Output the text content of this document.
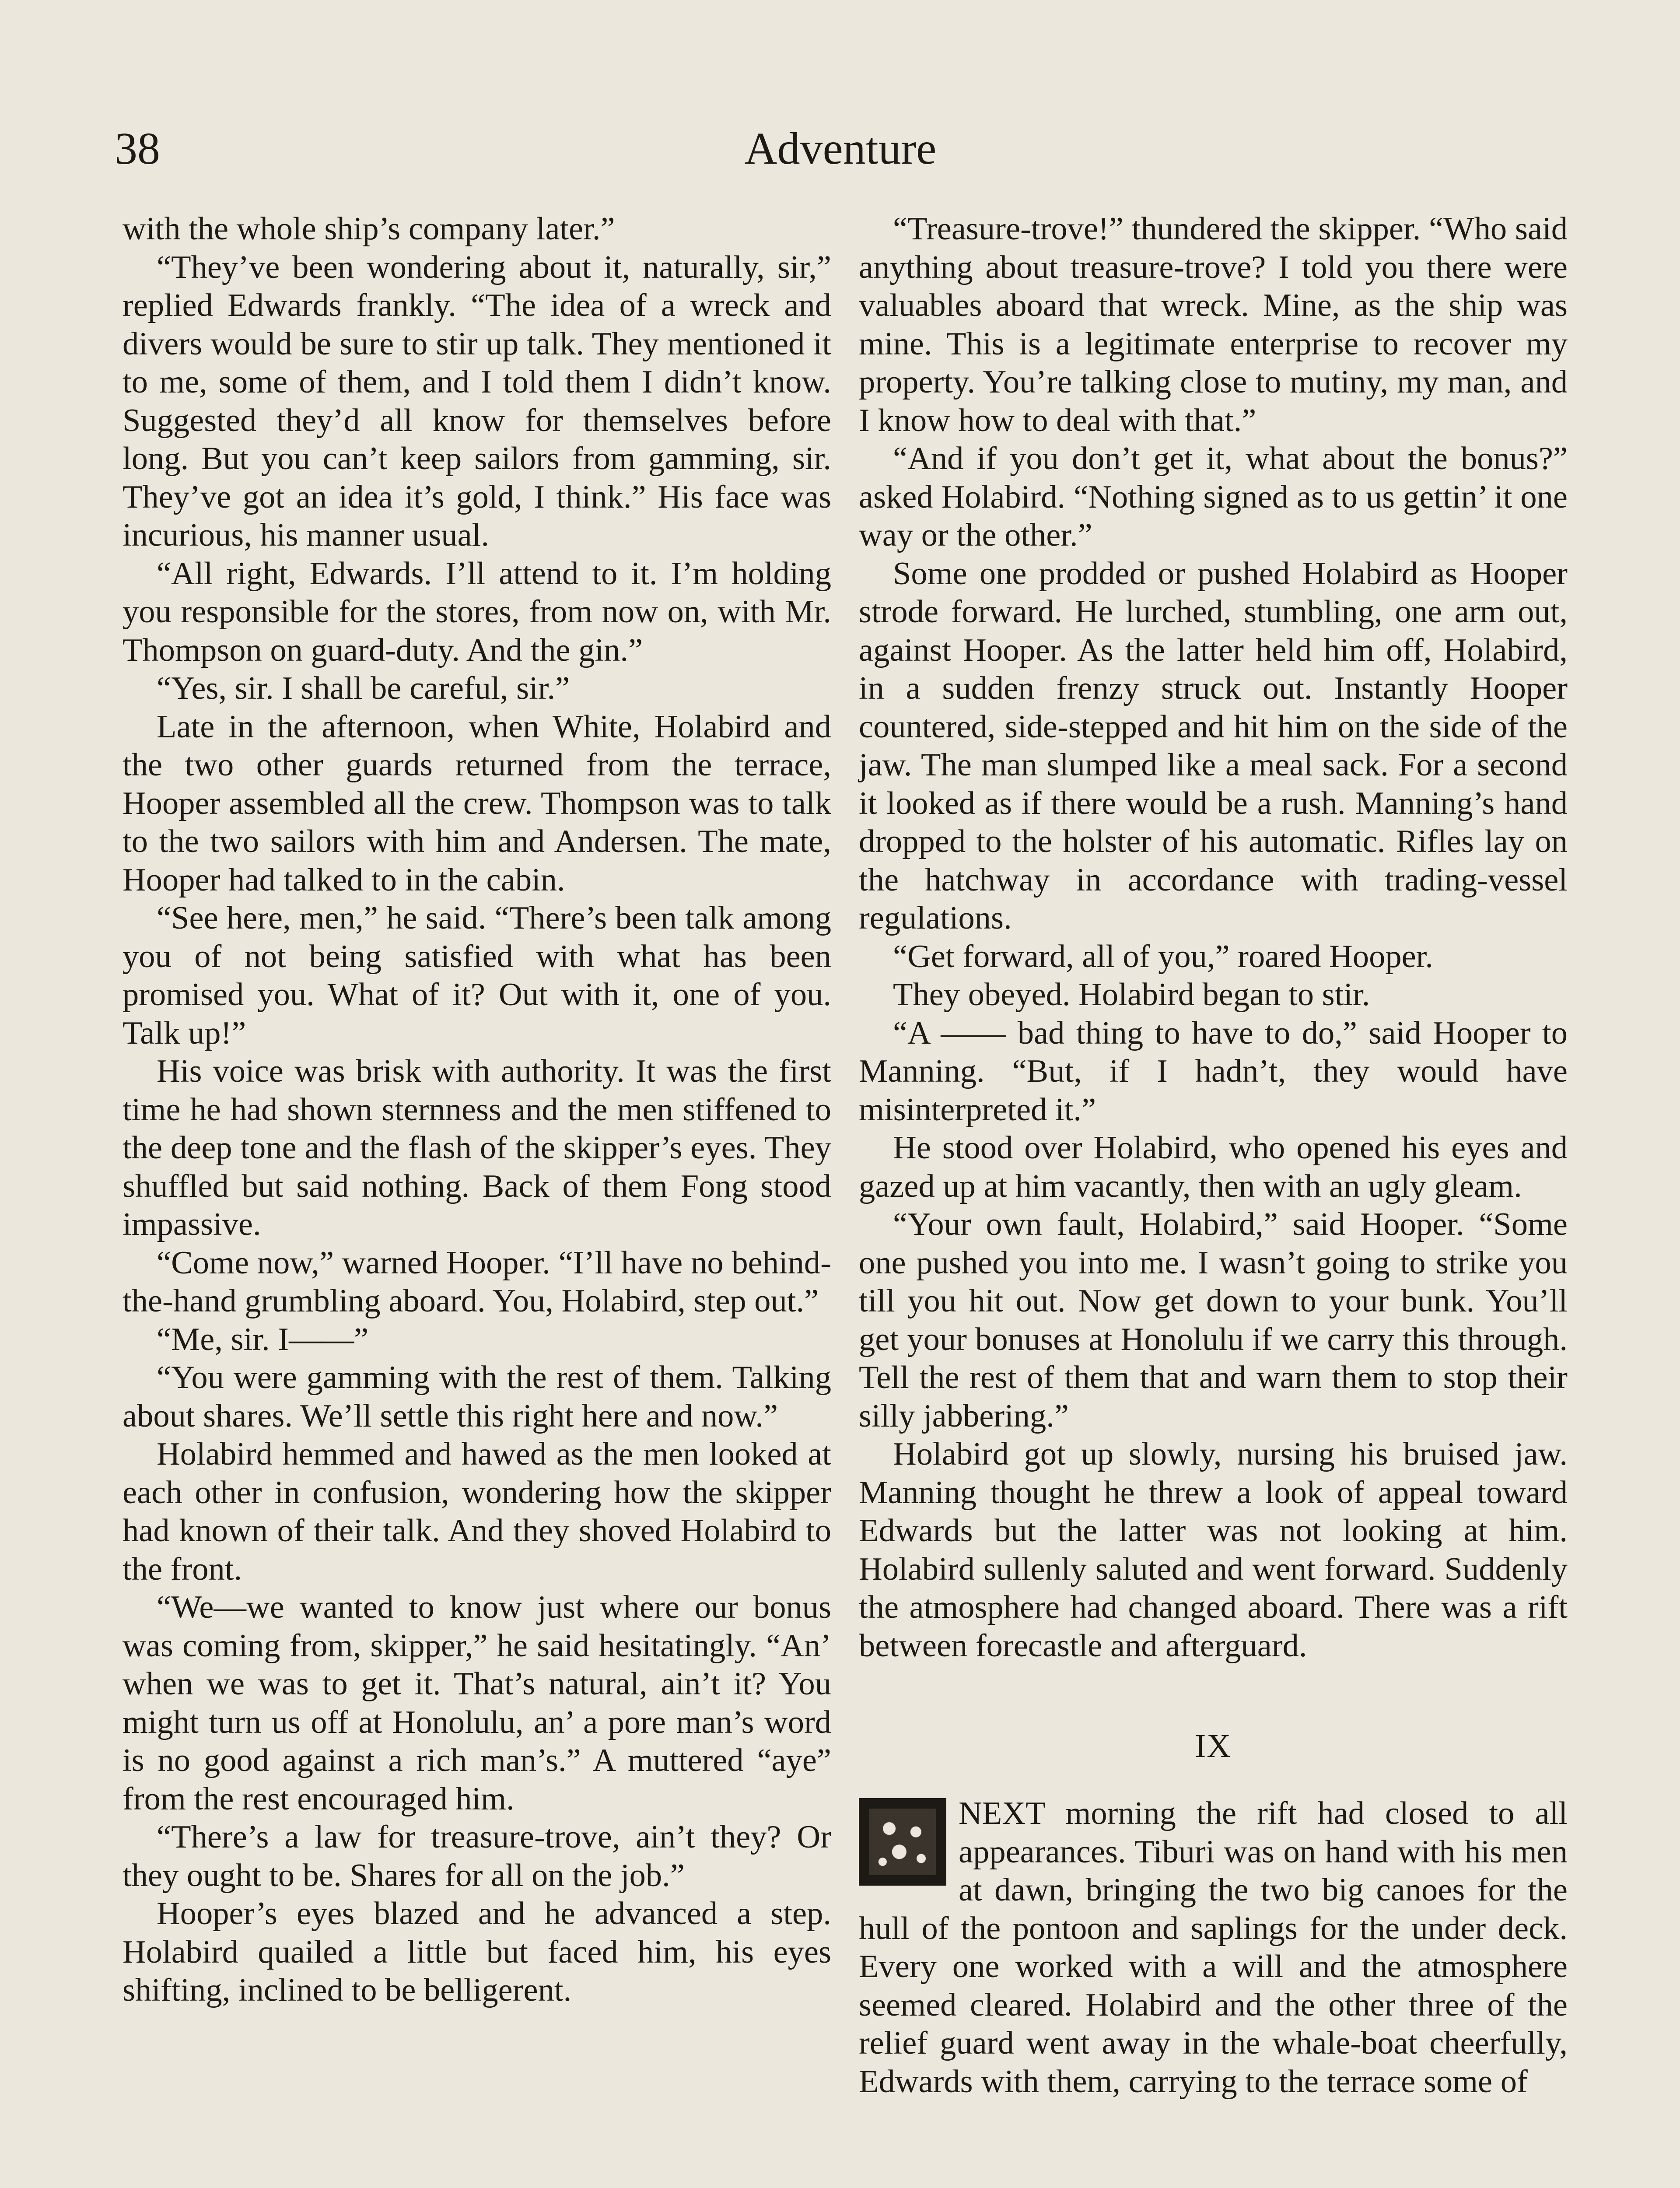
38	Adventure

with the whole ship’s company later.”

“They’ve been wondering about it, naturally, sir,” replied Edwards frankly. “The idea of a wreck and divers would be sure to stir up talk. They mentioned it to me, some of them, and I told them I didn’t know. Suggested they’d all know for themselves before long. But you can’t keep sailors from gamming, sir. They’ve got an idea it’s gold, I think.” His face was incurious, his manner usual.

“All right, Edwards. I’ll attend to it. I’m holding you responsible for the stores, from now on, with Mr. Thompson on guard-duty. And the gin.”

“Yes, sir. I shall be careful, sir.”

Late in the afternoon, when White, Holabird and the two other guards returned from the terrace, Hooper assembled all the crew. Thompson was to talk to the two sailors with him and Andersen. The mate, Hooper had talked to in the cabin.

“See here, men,” he said. “There’s been talk among you of not being satisfied with what has been promised you. What of it? Out with it, one of you. Talk up!”

His voice was brisk with authority. It was the first time he had shown sternness and the men stiffened to the deep tone and the flash of the skipper’s eyes. They shuffled but said nothing. Back of them Fong stood impassive.

“Come now,” warned Hooper. “I’ll have no behind-the-hand grumbling aboard. You, Holabird, step out.”

“Me, sir. I——”

“You were gamming with the rest of them. Talking about shares. We’ll settle this right here and now.”

Holabird hemmed and hawed as the men looked at each other in confusion, wondering how the skipper had known of their talk. And they shoved Holabird to the front.

“We—we wanted to know just where our bonus was coming from, skipper,” he said hesitatingly. “An’ when we was to get it. That’s natural, ain’t it? You might turn us off at Honolulu, an’ a pore man’s word is no good against a rich man’s.” A muttered “aye” from the rest encouraged him.

“There’s a law for treasure-trove, ain’t they? Or they ought to be. Shares for all on the job.”

Hooper’s eyes blazed and he advanced a step. Holabird quailed a little but faced him, his eyes shifting, inclined to be belligerent.

“Treasure-trove!” thundered the skipper. “Who said anything about treasure-trove? I told you there were valuables aboard that wreck. Mine, as the ship was mine. This is a legitimate enterprise to recover my property. You’re talking close to mutiny, my man, and I know how to deal with that.”

“And if you don’t get it, what about the bonus?” asked Holabird. “Nothing signed as to us gettin’ it one way or the other.”

Some one prodded or pushed Holabird as Hooper strode forward. He lurched, stumbling, one arm out, against Hooper. As the latter held him off, Holabird, in a sudden frenzy struck out. Instantly Hooper countered, side-stepped and hit him on the side of the jaw. The man slumped like a meal sack. For a second it looked as if there would be a rush. Manning’s hand dropped to the holster of his automatic. Rifles lay on the hatchway in accordance with trading-vessel regulations.

“Get forward, all of you,” roared Hooper.

They obeyed. Holabird began to stir.

“A —— bad thing to have to do,” said Hooper to Manning. “But, if I hadn’t, they would have misinterpreted it.”

He stood over Holabird, who opened his eyes and gazed up at him vacantly, then with an ugly gleam.

“Your own fault, Holabird,” said Hooper. “Some one pushed you into me. I wasn’t going to strike you till you hit out. Now get down to your bunk. You’ll get your bonuses at Honolulu if we carry this through. Tell the rest of them that and warn them to stop their silly jabbering.”

Holabird got up slowly, nursing his bruised jaw. Manning thought he threw a look of appeal toward Edwards but the latter was not looking at him. Holabird sullenly saluted and went forward. Suddenly the atmosphere had changed aboard. There was a rift between forecastle and afterguard.

IX

NEXT morning the rift had closed to all appearances. Tiburi was on hand with his men at dawn, bringing the two big canoes for the hull of the pontoon and saplings for the under deck. Every one worked with a will and the atmosphere seemed cleared. Holabird and the other three of the relief guard went away in the whale-boat cheerfully, Edwards with them, carrying to the terrace some of
